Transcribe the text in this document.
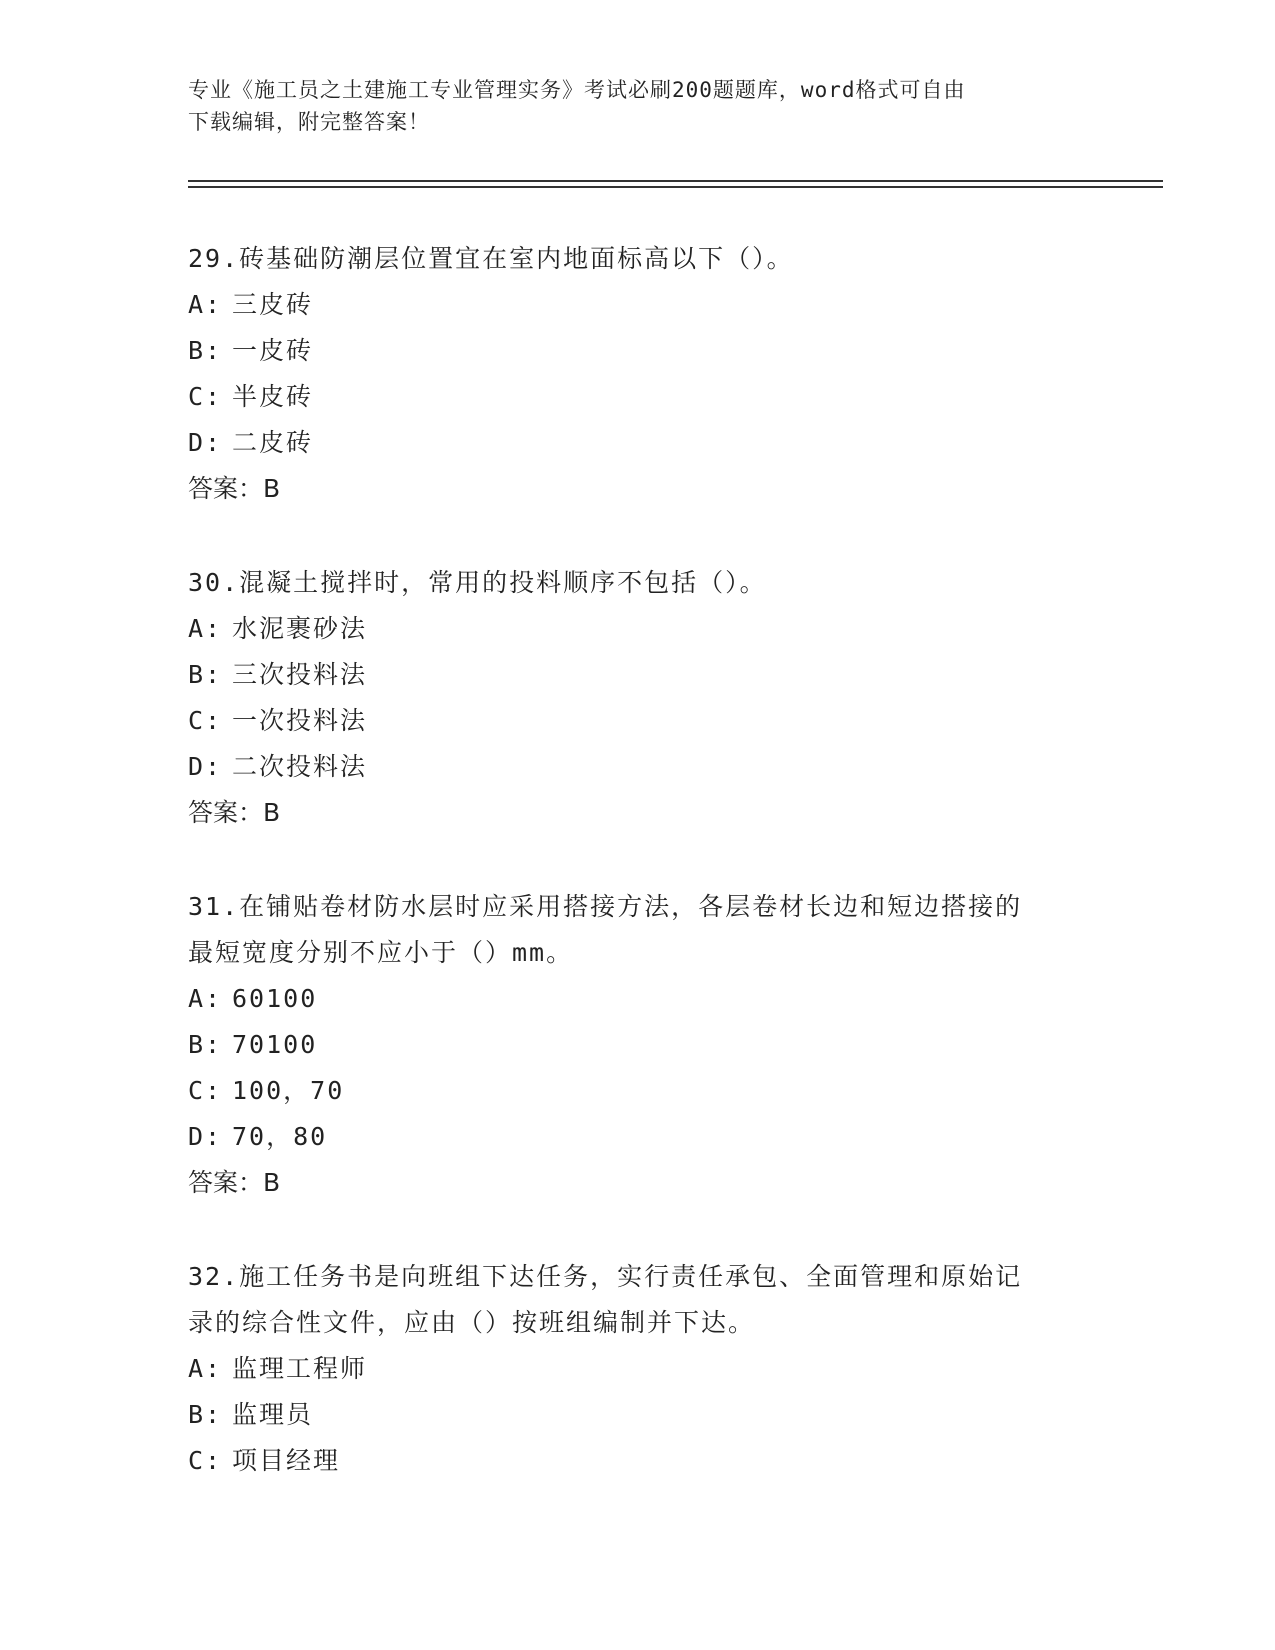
专业《施工员之土建施工专业管理实务》考试必刷200题题库，word格式可自由
下载编辑，附完整答案！
29.砖基础防潮层位置宜在室内地面标高以下（）。
A: 三皮砖
B: 一皮砖
C: 半皮砖
D: 二皮砖
答案：B
30.混凝土搅拌时，常用的投料顺序不包括（）。
A: 水泥裹砂法
B: 三次投料法
C: 一次投料法
D: 二次投料法
答案：B
31.在铺贴卷材防水层时应采用搭接方法，各层卷材长边和短边搭接的
最短宽度分别不应小于（）mm。
A: 60100
B: 70100
C: 100，70
D: 70，80
答案：B
32.施工任务书是向班组下达任务，实行责任承包、全面管理和原始记
录的综合性文件，应由（）按班组编制并下达。
A: 监理工程师
B: 监理员
C: 项目经理
